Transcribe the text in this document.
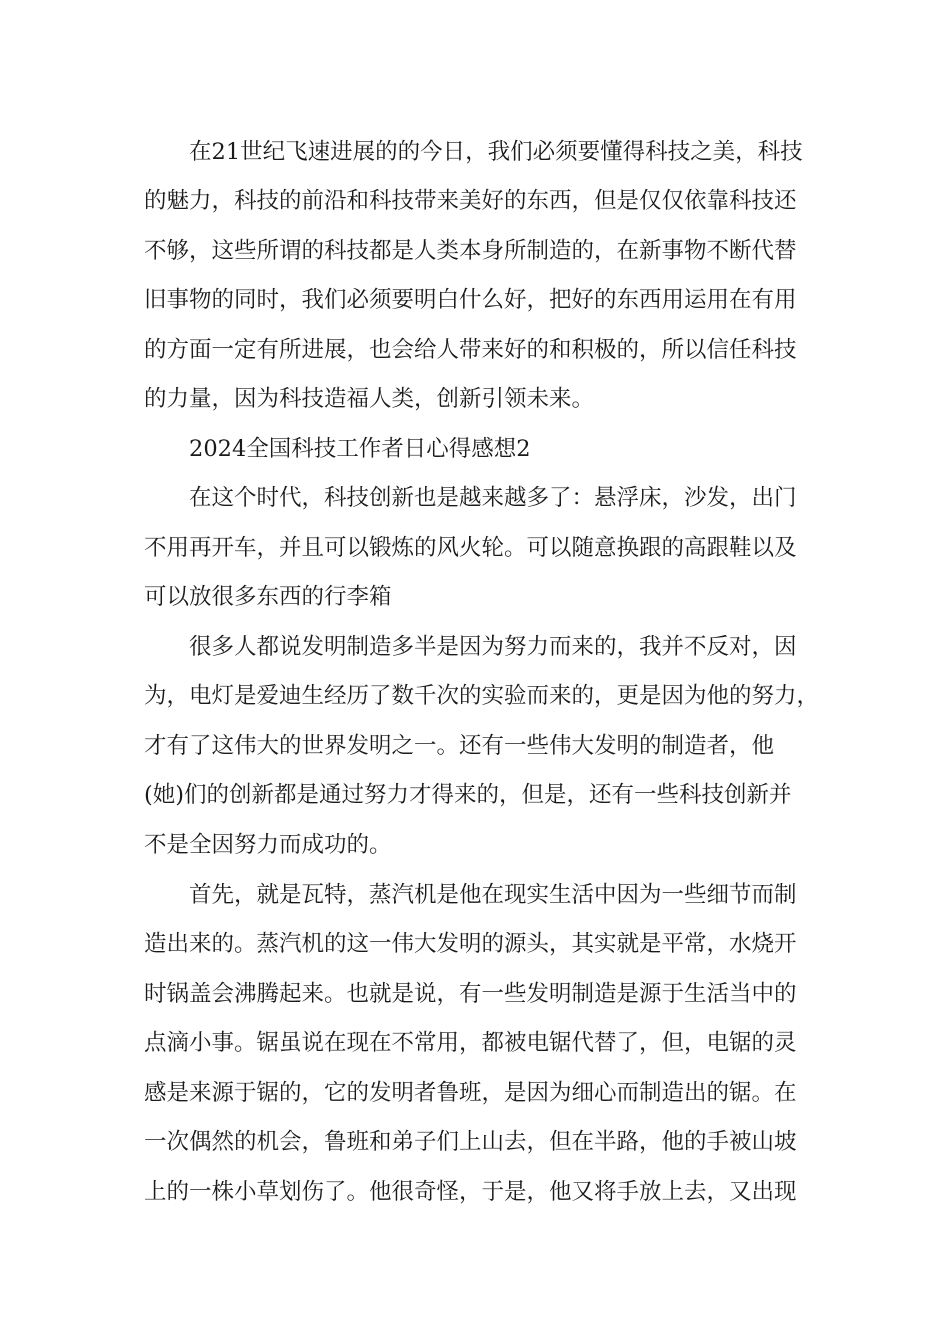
在21世纪飞速进展的的今日，我们必须要懂得科技之美，科技
的魅力，科技的前沿和科技带来美好的东西，但是仅仅依靠科技还
不够，这些所谓的科技都是人类本身所制造的，在新事物不断代替
旧事物的同时，我们必须要明白什么好，把好的东西用运用在有用
的方面一定有所进展，也会给人带来好的和积极的，所以信任科技
的力量，因为科技造福人类，创新引领未来。
2024全国科技工作者日心得感想2
在这个时代，科技创新也是越来越多了：悬浮床，沙发，出门
不用再开车，并且可以锻炼的风火轮。可以随意换跟的高跟鞋以及
可以放很多东西的行李箱
很多人都说发明制造多半是因为努力而来的，我并不反对，因
为，电灯是爱迪生经历了数千次的实验而来的，更是因为他的努力，
才有了这伟大的世界发明之一。还有一些伟大发明的制造者，他
(她)们的创新都是通过努力才得来的，但是，还有一些科技创新并
不是全因努力而成功的。
首先，就是瓦特，蒸汽机是他在现实生活中因为一些细节而制
造出来的。蒸汽机的这一伟大发明的源头，其实就是平常，水烧开
时锅盖会沸腾起来。也就是说，有一些发明制造是源于生活当中的
点滴小事。锯虽说在现在不常用，都被电锯代替了，但，电锯的灵
感是来源于锯的，它的发明者鲁班，是因为细心而制造出的锯。在
一次偶然的机会，鲁班和弟子们上山去，但在半路，他的手被山坡
上的一株小草划伤了。他很奇怪，于是，他又将手放上去，又出现
